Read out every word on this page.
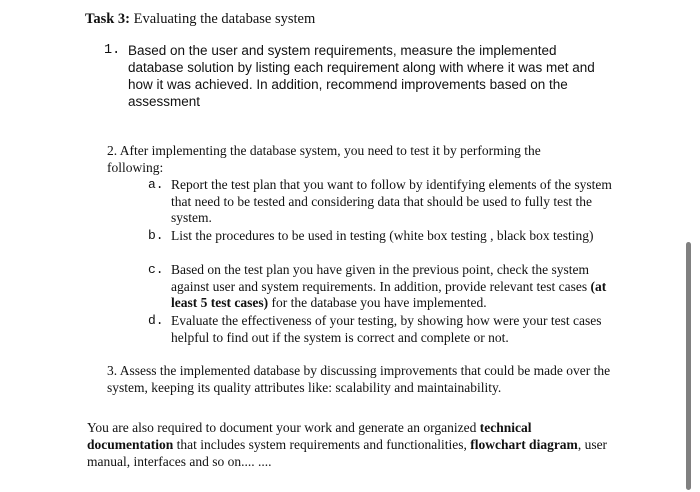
Task 3: Evaluating the database system
1. Based on the user and system requirements, measure the implemented database solution by listing each requirement along with where it was met and how it was achieved. In addition, recommend improvements based on the assessment
2. After implementing the database system, you need to test it by performing the following:
a. Report the test plan that you want to follow by identifying elements of the system that need to be tested and considering data that should be used to fully test the system.
b. List the procedures to be used in testing (white box testing , black box testing)
c. Based on the test plan you have given in the previous point, check the system against user and system requirements. In addition, provide relevant test cases (at least 5 test cases) for the database you have implemented.
d. Evaluate the effectiveness of your testing, by showing how were your test cases helpful to find out if the system is correct and complete or not.
3. Assess the implemented database by discussing improvements that could be made over the system, keeping its quality attributes like: scalability and maintainability.
You are also required to document your work and generate an organized technical documentation that includes system requirements and functionalities, flowchart diagram, user manual, interfaces and so on.... ....
